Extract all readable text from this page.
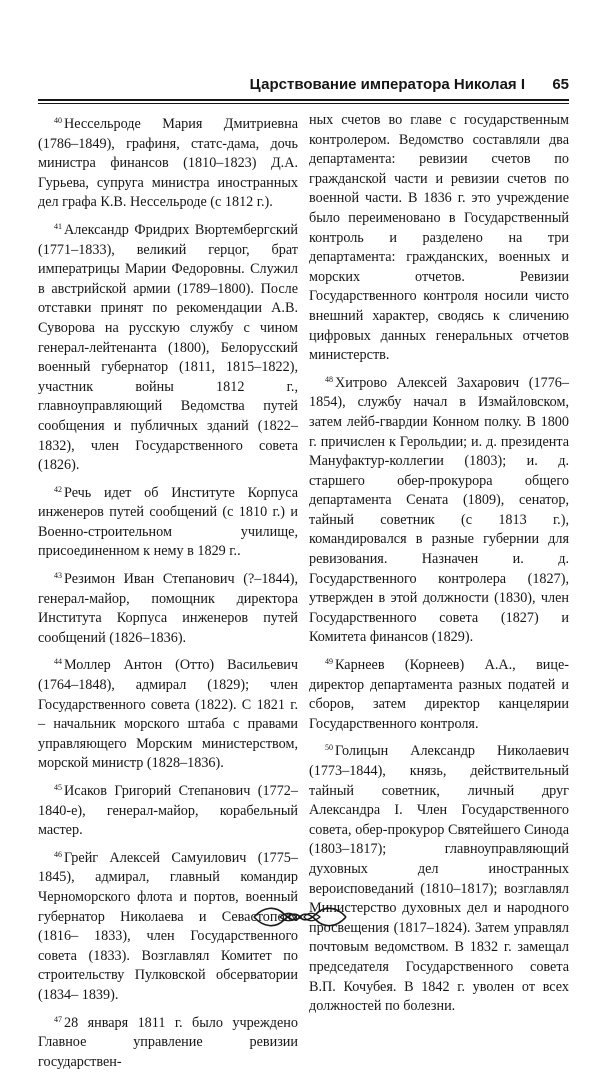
Царствование императора Николая I 65

$^{40}$ Нессельроде Мария Дмитриевна (1786–1849), графиня, статс-дама, дочь министра финансов (1810–1823) Д.А. Гурьева, супруга министра иностранных дел графа К.В. Нессельроде (с 1812 г.).

$^{41}$ Александр Фридрих Вюртембергский (1771–1833), великий герцог, брат императрицы Марии Федоровны. Служил в австрийской армии (1789–1800). После отставки принят по рекомендации А.В. Суворова на русскую службу с чином генерал-лейтенанта (1800), Белорусский военный губернатор (1811, 1815–1822), участник войны 1812 г., главноуправляющий Ведомства путей сообщения и публичных зданий (1822–1832), член Государственного совета (1826).

$^{42}$ Речь идет об Институте Корпуса инженеров путей сообщений (с 1810 г.) и Военно-строительном училище, присоединенном к нему в 1829 г..

$^{43}$ Резимон Иван Степанович (?–1844), генерал-майор, помощник директора Института Корпуса инженеров путей сообщений (1826–1836).

$^{44}$ Моллер Антон (Отто) Васильевич (1764–1848), адмирал (1829); член Государственного совета (1822). С 1821 г. – начальник морского штаба с правами управляющего Морским министерством, морской министр (1828–1836).

$^{45}$ Исаков Григорий Степанович (1772–1840-е), генерал-майор, корабельный мастер.

$^{46}$ Грейг Алексей Самуилович (1775–1845), адмирал, главный командир Черноморского флота и портов, военный губернатор Николаева и Севастополя (1816– 1833), член Государственного совета (1833). Возглавлял Комитет по строительству Пулковской обсерватории (1834– 1839).

$^{47}$ 28 января 1811 г. было учреждено Главное управление ревизии государствен-

ных счетов во главе с государственным контролером. Ведомство составляли два департамента: ревизии счетов по гражданской части и ревизии счетов по военной части. В 1836 г. это учреждение было переименовано в Государственный контроль и разделено на три департамента: гражданских, военных и морских отчетов. Ревизии Государственного контроля носили чисто внешний характер, сводясь к сличению цифровых данных генеральных отчетов министерств.

$^{48}$ Хитрово Алексей Захарович (1776–1854), службу начал в Измайловском, затем лейб-гвардии Конном полку. В 1800 г. причислен к Герольдии; и. д. президента Мануфактур-коллегии (1803); и. д. старшего обер-прокурора общего департамента Сената (1809), сенатор, тайный советник (с 1813 г.), командировался в разные губернии для ревизования. Назначен и. д. Государственного контролера (1827), утвержден в этой должности (1830), член Государственного совета (1827) и Комитета финансов (1829).

$^{49}$ Карнеев (Корнеев) А.А., вице-директор департамента разных податей и сборов, затем директор канцелярии Государственного контроля.

$^{50}$ Голицын Александр Николаевич (1773–1844), князь, действительный тайный советник, личный друг Александра I. Член Государственного совета, обер-прокурор Святейшего Синода (1803–1817); главноуправляющий духовных дел иностранных вероисповеданий (1810–1817); возглавлял Министерство духовных дел и народного просвещения (1817–1824). Затем управлял почтовым ведомством. В 1832 г. замещал председателя Государственного совета В.П. Кочубея. В 1842 г. уволен от всех должностей по болезни.
